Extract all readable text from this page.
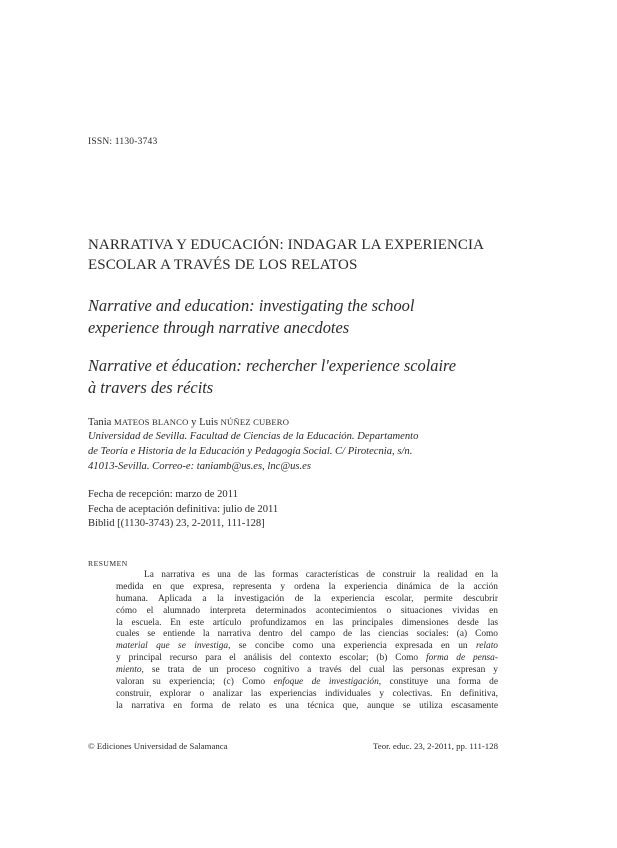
ISSN: 1130-3743
NARRATIVA Y EDUCACIÓN: INDAGAR LA EXPERIENCIA
ESCOLAR A TRAVÉS DE LOS RELATOS
Narrative and education: investigating the school
experience through narrative anecdotes
Narrative et éducation: rechercher l'experience scolaire
à travers des récits
Tania MATEOS BLANCO y Luis NÚÑEZ CUBERO
Universidad de Sevilla. Facultad de Ciencias de la Educación. Departamento
de Teoría e Historia de la Educación y Pedagogía Social. C/ Pirotecnia, s/n.
41013-Sevilla. Correo-e: taniamb@us.es, lnc@us.es
Fecha de recepción: marzo de 2011
Fecha de aceptación definitiva: julio de 2011
Biblid [(1130-3743) 23, 2-2011, 111-128]
RESUMEN
La narrativa es una de las formas características de construir la realidad en la
medida en que expresa, representa y ordena la experiencia dinámica de la acción
humana. Aplicada a la investigación de la experiencia escolar, permite descubrir
cómo el alumnado interpreta determinados acontecimientos o situaciones vividas en
la escuela. En este artículo profundizamos en las principales dimensiones desde las
cuales se entiende la narrativa dentro del campo de las ciencias sociales: (a) Como
material que se investiga, se concibe como una experiencia expresada en un relato
y principal recurso para el análisis del contexto escolar; (b) Como forma de pensa-
miento, se trata de un proceso cognitivo a través del cual las personas expresan y
valoran su experiencia; (c) Como enfoque de investigación, constituye una forma de
construir, explorar o analizar las experiencias individuales y colectivas. En definitiva,
la narrativa en forma de relato es una técnica que, aunque se utiliza escasamente
© Ediciones Universidad de Salamanca	Teor. educ. 23, 2-2011, pp. 111-128
